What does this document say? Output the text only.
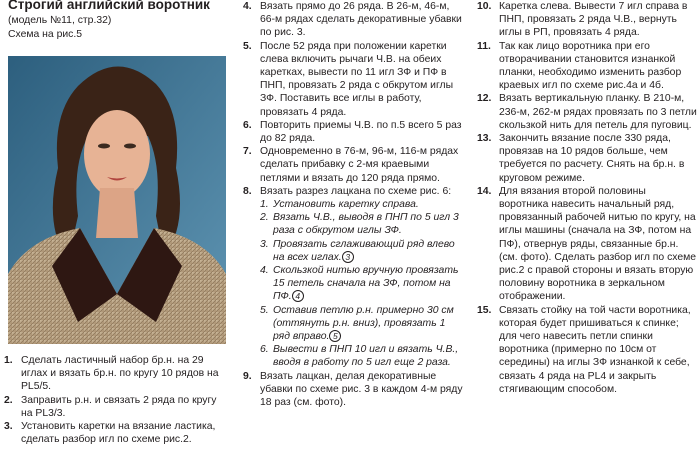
Строгий английский воротник
(модель №11, стр.32)
Схема на рис.5
1. Сделать ластичный набор бр.н. на 29 иглах и вязать бр.н. по кругу 10 рядов на PL5/5.
2. Заправить р.н. и связать 2 ряда по кругу на PL3/3.
3. Установить каретки на вязание ластика, сделать разбор игл по схеме рис.2.
4. Вязать прямо до 26 ряда. В 26-м, 46-м, 66-м рядах сделать декоративные убавки по рис. 3.
5. После 52 ряда при положении каретки слева включить рычаги Ч.В. на обеих каретках, вывести по 11 игл ЗФ и ПФ в ПНП, провязать 2 ряда с обкрутом иглы ЗФ. Поставить все иглы в работу, провязать 4 ряда.
6. Повторить приемы Ч.В. по п.5 всего 5 раз до 82 ряда.
7. Одновременно в 76-м, 96-м, 116-м рядах сделать прибавку с 2-мя краевыми петлями и вязать до 120 ряда прямо.
8. Вязать разрез лацкана по схеме рис. 6:
1. Установить каретку справа.
2. Вязать Ч.В., выводя в ПНП по 5 игл 3 раза с обкрутом иглы ЗФ.
3. Провязать сглаживающий ряд влево на всех иглах. 3
4. Скользкой нитью вручную провязать 15 петель сначала на ЗФ, потом на ПФ. 4
5. Оставив петлю р.н. примерно 30 см (оттянуть р.н. вниз), провязать 1 ряд вправо. 5
6. Вывести в ПНП 10 игл и вязать Ч.В., вводя в работу по 5 игл еще 2 раза.
9. Вязать лацкан, делая декоративные убавки по схеме рис. 3 в каждом 4-м ряду 18 раз (см. фото).
10. Каретка слева. Вывести 7 игл справа в ПНП, провязать 2 ряда Ч.В., вернуть иглы в РП, провязать 4 ряда.
11. Так как лицо воротника при его отворачивании становится изнанкой планки, необходимо изменить разбор краевых игл по схеме рис.4а и 4б.
12. Вязать вертикальную планку. В 210-м, 236-м, 262-м рядах провязать по 3 петли скользкой нить для петель для пуговиц.
13. Закончить вязание после 330 ряда, провязав на 10 рядов больше, чем требуется по расчету. Снять на бр.н. в круговом режиме.
14. Для вязания второй половины воротника навесить начальный ряд, провязанный рабочей нитью по кругу, на иглы машины (сначала на ЗФ, потом на ПФ), отвернув ряды, связанные бр.н. (см. фото). Сделать разбор игл по схеме рис.2 с правой стороны и вязать вторую половину воротника в зеркальном отображении.
15. Связать стойку на той части воротника, которая будет пришиваться к спинке; для чего навесить петли спинки воротника (примерно по 10см от середины) на иглы ЗФ изнанкой к себе, связать 4 ряда на PL4 и закрыть стягивающим способом.
